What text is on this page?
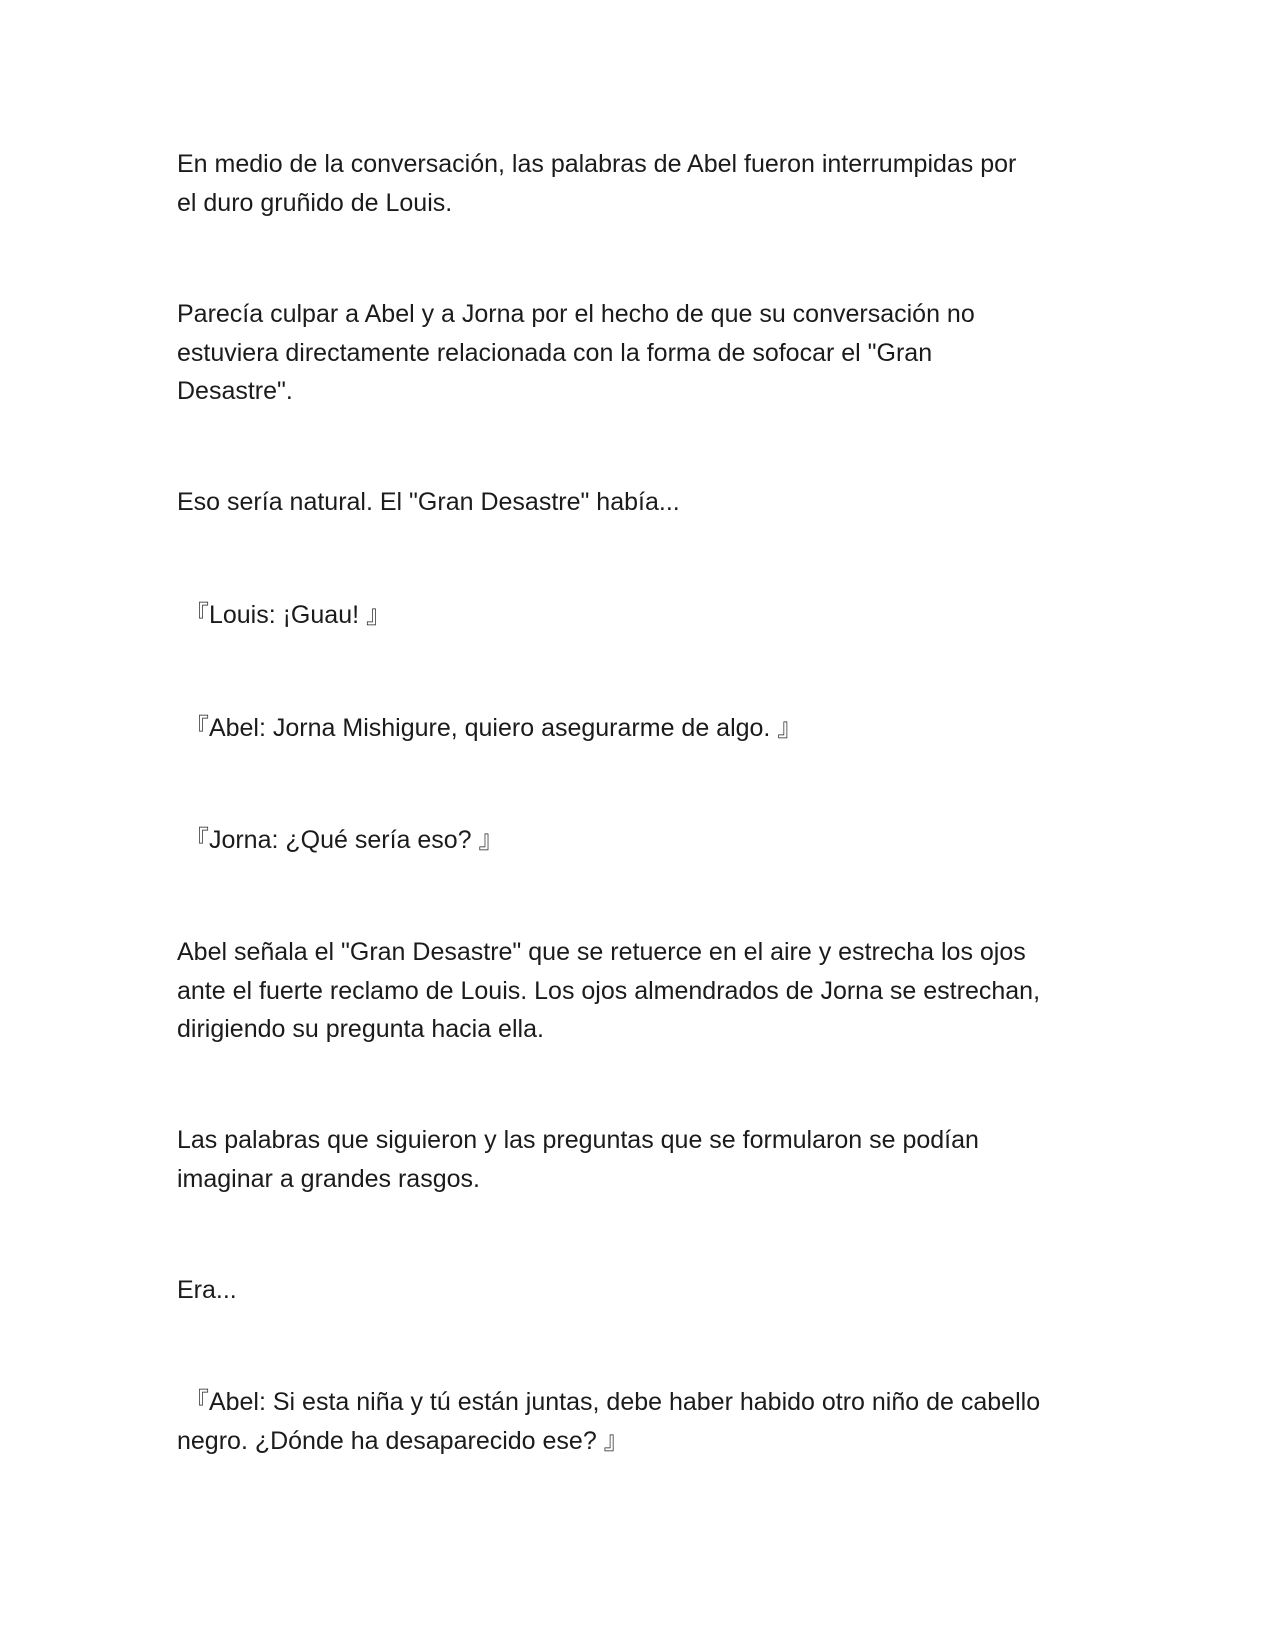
En medio de la conversación, las palabras de Abel fueron interrumpidas por
el duro gruñido de Louis.

Parecía culpar a Abel y a Jorna por el hecho de que su conversación no
estuviera directamente relacionada con la forma de sofocar el "Gran
Desastre".

Eso sería natural. El "Gran Desastre" había...

『Louis: ¡Guau! 』

『Abel: Jorna Mishigure, quiero asegurarme de algo. 』

『Jorna: ¿Qué sería eso? 』

Abel señala el "Gran Desastre" que se retuerce en el aire y estrecha los ojos
ante el fuerte reclamo de Louis. Los ojos almendrados de Jorna se estrechan,
dirigiendo su pregunta hacia ella.

Las palabras que siguieron y las preguntas que se formularon se podían
imaginar a grandes rasgos.

Era...

『Abel: Si esta niña y tú están juntas, debe haber habido otro niño de cabello
negro. ¿Dónde ha desaparecido ese? 』
